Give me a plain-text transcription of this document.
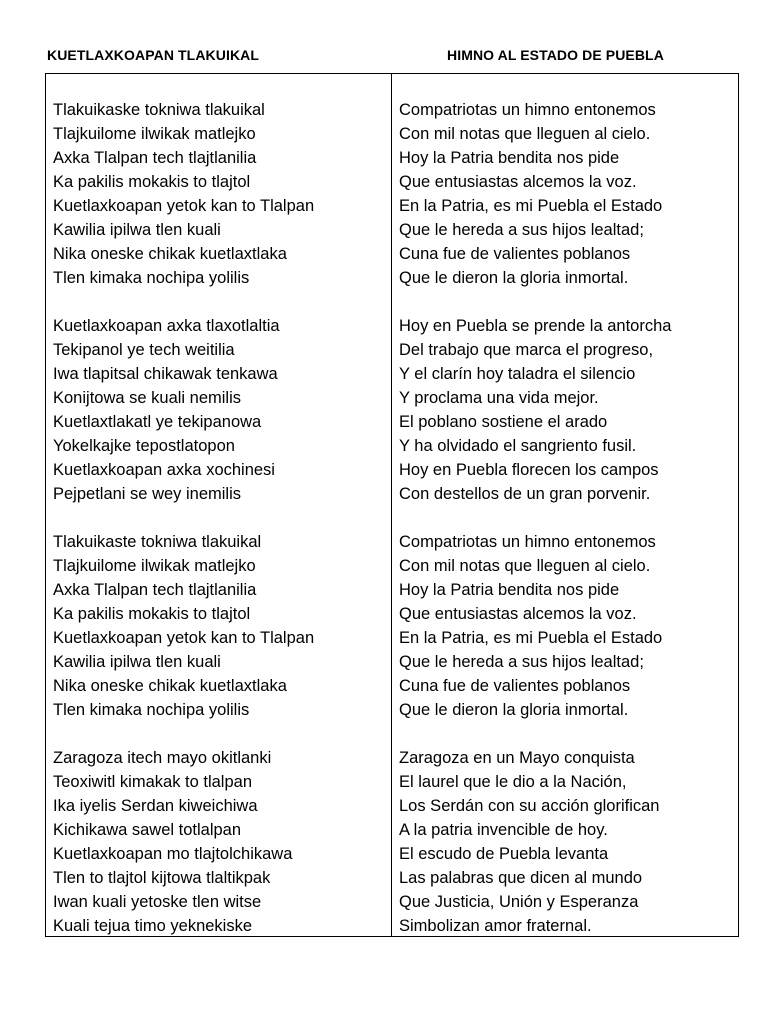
KUETLAXKOAPAN TLAKUIKAL	HIMNO AL ESTADO DE PUEBLA
Tlakuikaske tokniwa tlakuikal
Tlajkuilome ilwikak matlejko
Axka Tlalpan tech tlajtlanilia
Ka pakilis mokakis to tlajtol
Kuetlaxkoapan yetok kan to Tlalpan
Kawilia ipilwa tlen kuali
Nika oneske chikak kuetlaxtlaka
Tlen kimaka nochipa yolilis
Kuetlaxkoapan axka tlaxotlaltia
Tekipanol ye tech weitilia
Iwa tlapitsal chikawak tenkawa
Konijtowa se kuali nemilis
Kuetlaxtlakatl ye tekipanowa
Yokelkajke tepostlatopon
Kuetlaxkoapan axka xochinesi
Pejpetlani se wey inemilis
Tlakuikaste tokniwa tlakuikal
Tlajkuilome ilwikak matlejko
Axka Tlalpan tech tlajtlanilia
Ka pakilis mokakis to tlajtol
Kuetlaxkoapan yetok kan to Tlalpan
Kawilia ipilwa tlen kuali
Nika oneske chikak kuetlaxtlaka
Tlen kimaka nochipa yolilis
Zaragoza itech mayo okitlanki
Teoxiwitl kimakak to tlalpan
Ika iyelis Serdan kiweichiwa
Kichikawa sawel totlalpan
Kuetlaxkoapan mo tlajtolchikawa
Tlen to tlajtol kijtowa tlaltikpak
Iwan kuali yetoske tlen witse
Kuali tejua timo yeknekiske
Compatriotas un himno entonemos
Con mil notas que lleguen al cielo.
Hoy la Patria bendita nos pide
Que entusiastas alcemos la voz.
En la Patria, es mi Puebla el Estado
Que le hereda a sus hijos lealtad;
Cuna fue de valientes poblanos
Que le dieron la gloria inmortal.
Hoy en Puebla se prende la antorcha
Del trabajo que marca el progreso,
Y el clarín hoy taladra el silencio
Y proclama una vida mejor.
El poblano sostiene el arado
Y ha olvidado el sangriento fusil.
Hoy en Puebla florecen los campos
Con destellos de un gran porvenir.
Compatriotas un himno entonemos
Con mil notas que lleguen al cielo.
Hoy la Patria bendita nos pide
Que entusiastas alcemos la voz.
En la Patria, es mi Puebla el Estado
Que le hereda a sus hijos lealtad;
Cuna fue de valientes poblanos
Que le dieron la gloria inmortal.
Zaragoza en un Mayo conquista
El laurel que le dio a la Nación,
Los Serdán con su acción glorifican
A la patria invencible de hoy.
El escudo de Puebla levanta
Las palabras que dicen al mundo
Que Justicia, Unión y Esperanza
Simbolizan amor fraternal.
